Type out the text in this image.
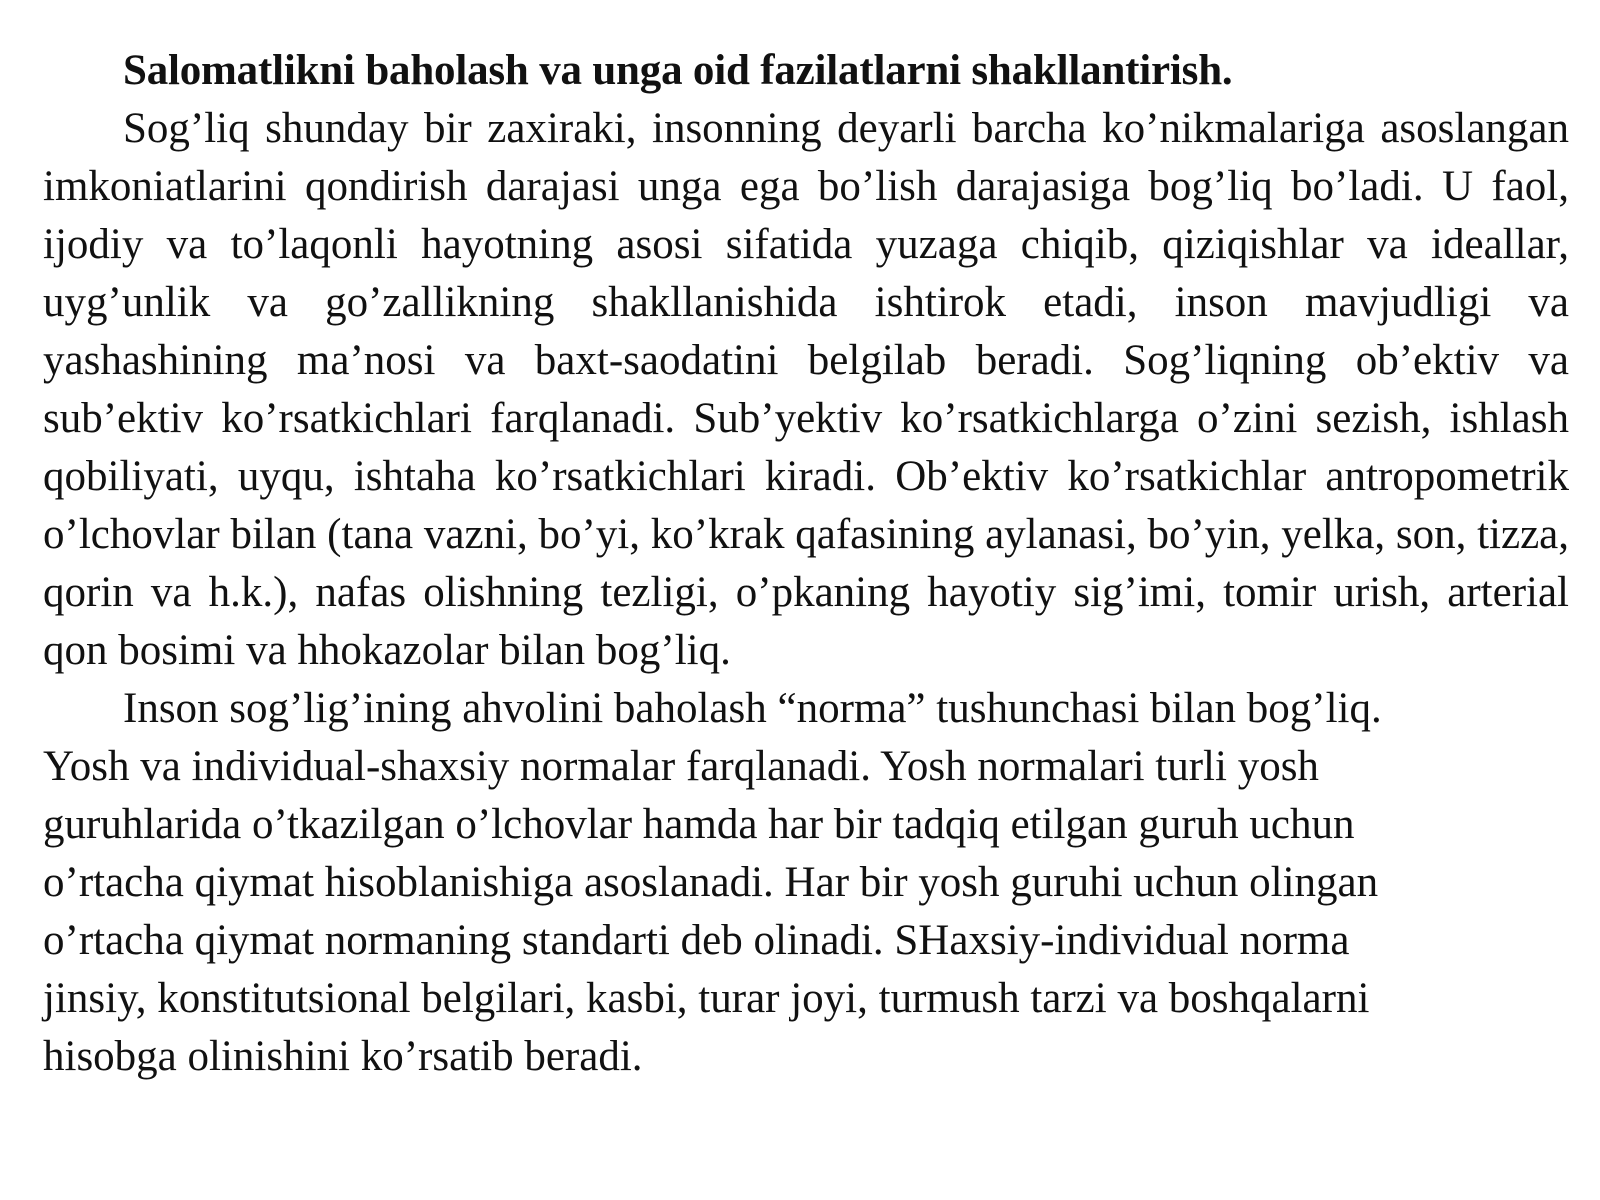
Salomatlikni baholash va unga oid fazilatlarni shakllantirish.

Sog’liq shunday bir zaxiraki, insonning deyarli barcha ko’nikmalariga asoslangan imkoniatlarini qondirish darajasi unga ega bo’lish darajasiga bog’liq bo’ladi. U faol, ijodiy va to’laqonli hayotning asosi sifatida yuzaga chiqib, qiziqishlar va ideallar, uyg’unlik va go’zallikning shakllanishida ishtirok etadi, inson mavjudligi va yashashining ma’nosi va baxt-saodatini belgilab beradi. Sog’liqning ob’ektiv va sub’ektiv ko’rsatkichlari farqlanadi. Sub’yektiv ko’rsatkichlarga o’zini sezish, ishlash qobiliyati, uyqu, ishtaha ko’rsatkichlari kiradi. Ob’ektiv ko’rsatkichlar antropometrik o’lchovlar bilan (tana vazni, bo’yi, ko’krak qafasining aylanasi, bo’yin, yelka, son, tizza, qorin va h.k.), nafas olishning tezligi, o’pkaning hayotiy sig’imi, tomir urish, arterial qon bosimi va hhokazolar bilan bog’liq.

Inson sog’lig’ining ahvolini baholash “norma” tushunchasi bilan bog’liq.
Yosh va individual-shaxsiy normalar farqlanadi. Yosh normalari turli yosh
guruhlarida o’tkazilgan o’lchovlar hamda har bir tadqiq etilgan guruh uchun
o’rtacha qiymat hisoblanishiga asoslanadi. Har bir yosh guruhi uchun olingan
o’rtacha qiymat normaning standarti deb olinadi. SHaxsiy-individual norma
jinsiy, konstitutsional belgilari, kasbi, turar joyi, turmush tarzi va boshqalarni
hisobga olinishini ko’rsatib beradi.
